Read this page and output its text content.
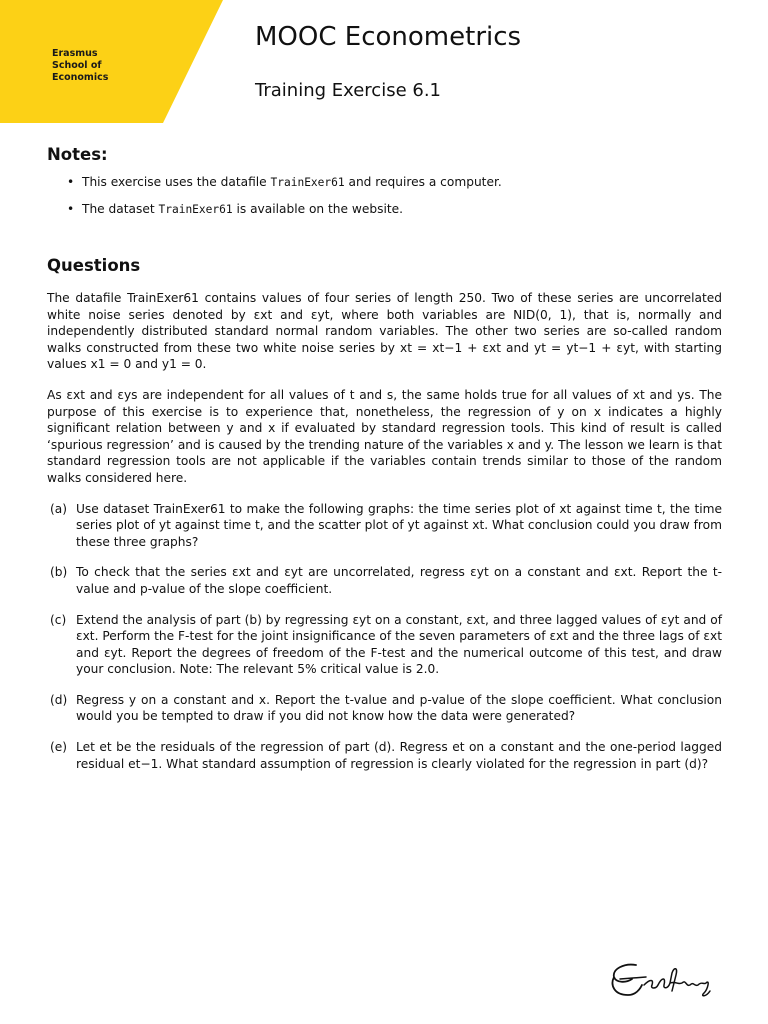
Erasmus
School of
Economics
MOOC Econometrics
Training Exercise 6.1
Notes:
• This exercise uses the datafile TrainExer61 and requires a computer.
• The dataset TrainExer61 is available on the website.
Questions

The datafile TrainExer61 contains values of four series of length 250. Two of these series are uncorrelated white noise series denoted by εxt and εyt, where both variables are NID(0, 1), that is, normally and independently distributed standard normal random variables. The other two series are so-called random walks constructed from these two white noise series by xt = xt−1 + εxt and yt = yt−1 + εyt, with starting values x1 = 0 and y1 = 0.

As εxt and εys are independent for all values of t and s, the same holds true for all values of xt and ys. The purpose of this exercise is to experience that, nonetheless, the regression of y on x indicates a highly significant relation between y and x if evaluated by standard regression tools. This kind of result is called ‘spurious regression’ and is caused by the trending nature of the variables x and y. The lesson we learn is that standard regression tools are not applicable if the variables contain trends similar to those of the random walks considered here.

(a) Use dataset TrainExer61 to make the following graphs: the time series plot of xt against time t, the time series plot of yt against time t, and the scatter plot of yt against xt. What conclusion could you draw from these three graphs?
(b) To check that the series εxt and εyt are uncorrelated, regress εyt on a constant and εxt. Report the t-value and p-value of the slope coefficient.
(c) Extend the analysis of part (b) by regressing εyt on a constant, εxt, and three lagged values of εyt and of εxt. Perform the F-test for the joint insignificance of the seven parameters of εxt and the three lags of εxt and εyt. Report the degrees of freedom of the F-test and the numerical outcome of this test, and draw your conclusion. Note: The relevant 5% critical value is 2.0.
(d) Regress y on a constant and x. Report the t-value and p-value of the slope coefficient. What conclusion would you be tempted to draw if you did not know how the data were generated?
(e) Let et be the residuals of the regression of part (d). Regress et on a constant and the one-period lagged residual et−1. What standard assumption of regression is clearly violated for the regression in part (d)?
